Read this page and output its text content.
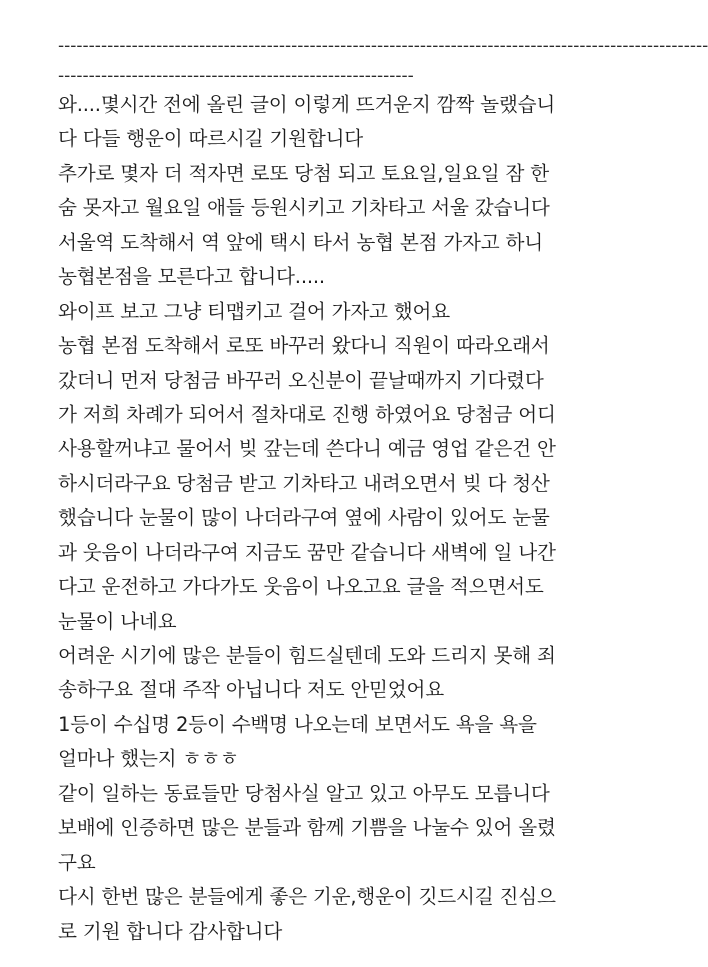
----------------------------------------------------------------------------------------------------------
----------------------------------------------------------
와....몇시간 전에 올린 글이 이렇게 뜨거운지 깜짝 놀랬습니
다 다들 행운이 따르시길 기원합니다
추가로 몇자 더 적자면 로또 당첨 되고 토요일,일요일 잠 한
숨 못자고 월요일 애들 등원시키고 기차타고 서울 갔습니다
서울역 도착해서 역 앞에 택시 타서 농협 본점 가자고 하니
농협본점을 모른다고 합니다.....
와이프 보고 그냥 티맵키고 걸어 가자고 했어요
농협 본점 도착해서 로또 바꾸러 왔다니 직원이 따라오래서
갔더니 먼저 당첨금 바꾸러 오신분이 끝날때까지 기다렸다
가 저희 차례가 되어서 절차대로 진행 하였어요 당첨금 어디
사용할꺼냐고 물어서 빚 갚는데 쓴다니 예금 영업 같은건 안
하시더라구요 당첨금 받고 기차타고 내려오면서 빚 다 청산
했습니다 눈물이 많이 나더라구여 옆에 사람이 있어도 눈물
과 웃음이 나더라구여 지금도 꿈만 같습니다 새벽에 일 나간
다고 운전하고 가다가도 웃음이 나오고요 글을 적으면서도
눈물이 나네요
어려운 시기에 많은 분들이 힘드실텐데 도와 드리지 못해 죄
송하구요 절대 주작 아닙니다 저도 안믿었어요
1등이 수십명 2등이 수백명 나오는데 보면서도 욕을 욕을
얼마나 했는지 ㅎㅎㅎ
같이 일하는 동료들만 당첨사실 알고 있고 아무도 모릅니다
보배에 인증하면 많은 분들과 함께 기쁨을 나눌수 있어 올렸
구요
다시 한번 많은 분들에게 좋은 기운,행운이 깃드시길 진심으
로 기원 합니다 감사합니다
